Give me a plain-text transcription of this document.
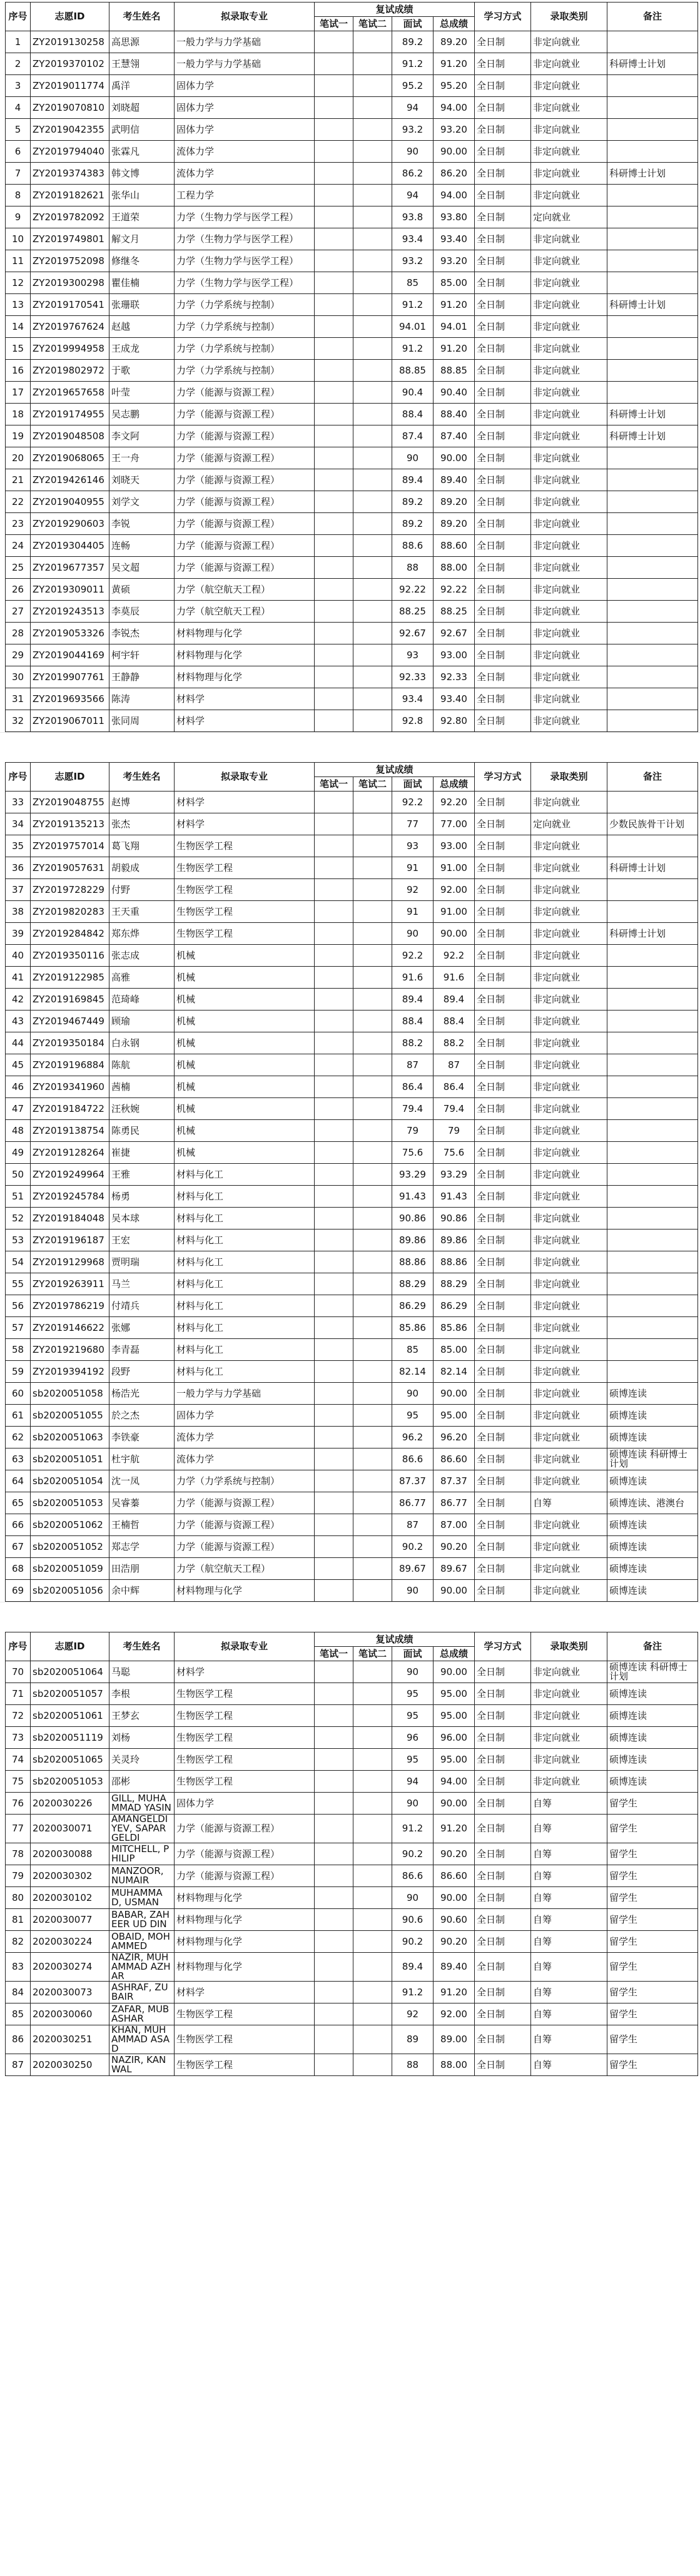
序号	志愿ID	考生姓名	拟录取专业	复试成绩				学习方式	录取类别	备注
				笔试一	笔试二	面试	总成绩			
1	ZY2019130258	高思源	一般力学与力学基础			89.2	89.20	全日制	非定向就业	
2	ZY2019370102	王慧翎	一般力学与力学基础			91.2	91.20	全日制	非定向就业	科研博士计划
3	ZY2019011774	禹洋	固体力学			95.2	95.20	全日制	非定向就业	
4	ZY2019070810	刘晓超	固体力学			94	94.00	全日制	非定向就业	
5	ZY2019042355	武明信	固体力学			93.2	93.20	全日制	非定向就业	
6	ZY2019794040	张霖凡	流体力学			90	90.00	全日制	非定向就业	
7	ZY2019374383	韩文博	流体力学			86.2	86.20	全日制	非定向就业	科研博士计划
8	ZY2019182621	张华山	工程力学			94	94.00	全日制	非定向就业	
9	ZY2019782092	王道荣	力学（生物力学与医学工程）			93.8	93.80	全日制	定向就业	
10	ZY2019749801	解文月	力学（生物力学与医学工程）			93.4	93.40	全日制	非定向就业	
11	ZY2019752098	修继冬	力学（生物力学与医学工程）			93.2	93.20	全日制	非定向就业	
12	ZY2019300298	瞿佳楠	力学（生物力学与医学工程）			85	85.00	全日制	非定向就业	
13	ZY2019170541	张珊联	力学（力学系统与控制）			91.2	91.20	全日制	非定向就业	科研博士计划
14	ZY2019767624	赵越	力学（力学系统与控制）			94.01	94.01	全日制	非定向就业	
15	ZY2019994958	王成龙	力学（力学系统与控制）			91.2	91.20	全日制	非定向就业	
16	ZY2019802972	于歌	力学（力学系统与控制）			88.85	88.85	全日制	非定向就业	
17	ZY2019657658	叶莹	力学（能源与资源工程）			90.4	90.40	全日制	非定向就业	
18	ZY2019174955	吴志鹏	力学（能源与资源工程）			88.4	88.40	全日制	非定向就业	科研博士计划
19	ZY2019048508	李文阿	力学（能源与资源工程）			87.4	87.40	全日制	非定向就业	科研博士计划
20	ZY2019068065	王一舟	力学（能源与资源工程）			90	90.00	全日制	非定向就业	
21	ZY2019426146	刘晓天	力学（能源与资源工程）			89.4	89.40	全日制	非定向就业	
22	ZY2019040955	刘学文	力学（能源与资源工程）			89.2	89.20	全日制	非定向就业	
23	ZY2019290603	李锐	力学（能源与资源工程）			89.2	89.20	全日制	非定向就业	
24	ZY2019304405	连畅	力学（能源与资源工程）			88.6	88.60	全日制	非定向就业	
25	ZY2019677357	吴文超	力学（能源与资源工程）			88	88.00	全日制	非定向就业	
26	ZY2019309011	黄硕	力学（航空航天工程）			92.22	92.22	全日制	非定向就业	
27	ZY2019243513	李莫辰	力学（航空航天工程）			88.25	88.25	全日制	非定向就业	
28	ZY2019053326	李锐杰	材料物理与化学			92.67	92.67	全日制	非定向就业	
29	ZY2019044169	柯宇轩	材料物理与化学			93	93.00	全日制	非定向就业	
30	ZY2019907761	王静静	材料物理与化学			92.33	92.33	全日制	非定向就业	
31	ZY2019693566	陈涛	材料学			93.4	93.40	全日制	非定向就业	
32	ZY2019067011	张同周	材料学			92.8	92.80	全日制	非定向就业	
序号	志愿ID	考生姓名	拟录取专业	复试成绩				学习方式	录取类别	备注
				笔试一	笔试二	面试	总成绩			
33	ZY2019048755	赵博	材料学			92.2	92.20	全日制	非定向就业	
34	ZY2019135213	张杰	材料学			77	77.00	全日制	定向就业	少数民族骨干计划
35	ZY2019757014	葛飞翔	生物医学工程			93	93.00	全日制	非定向就业	
36	ZY2019057631	胡毅成	生物医学工程			91	91.00	全日制	非定向就业	科研博士计划
37	ZY2019728229	付野	生物医学工程			92	92.00	全日制	非定向就业	
38	ZY2019820283	王天重	生物医学工程			91	91.00	全日制	非定向就业	
39	ZY2019284842	郑东烨	生物医学工程			90	90.00	全日制	非定向就业	科研博士计划
40	ZY2019350116	张志成	机械			92.2	92.2	全日制	非定向就业	
41	ZY2019122985	高雅	机械			91.6	91.6	全日制	非定向就业	
42	ZY2019169845	范琦峰	机械			89.4	89.4	全日制	非定向就业	
43	ZY2019467449	顾瑜	机械			88.4	88.4	全日制	非定向就业	
44	ZY2019350184	白永钢	机械			88.2	88.2	全日制	非定向就业	
45	ZY2019196884	陈航	机械			87	87	全日制	非定向就业	
46	ZY2019341960	茜楠	机械			86.4	86.4	全日制	非定向就业	
47	ZY2019184722	汪秋婉	机械			79.4	79.4	全日制	非定向就业	
48	ZY2019138754	陈勇民	机械			79	79	全日制	非定向就业	
49	ZY2019128264	崔捷	机械			75.6	75.6	全日制	非定向就业	
50	ZY2019249964	王雅	材料与化工			93.29	93.29	全日制	非定向就业	
51	ZY2019245784	杨勇	材料与化工			91.43	91.43	全日制	非定向就业	
52	ZY2019184048	吴本球	材料与化工			90.86	90.86	全日制	非定向就业	
53	ZY2019196187	王宏	材料与化工			89.86	89.86	全日制	非定向就业	
54	ZY2019129968	贾明瑞	材料与化工			88.86	88.86	全日制	非定向就业	
55	ZY2019263911	马兰	材料与化工			88.29	88.29	全日制	非定向就业	
56	ZY2019786219	付靖兵	材料与化工			86.29	86.29	全日制	非定向就业	
57	ZY2019146622	张娜	材料与化工			85.86	85.86	全日制	非定向就业	
58	ZY2019219680	李青磊	材料与化工			85	85.00	全日制	非定向就业	
59	ZY2019394192	段野	材料与化工			82.14	82.14	全日制	非定向就业	
60	sb2020051058	杨浩光	一般力学与力学基础			90	90.00	全日制	非定向就业	硕博连读
61	sb2020051055	於之杰	固体力学			95	95.00	全日制	非定向就业	硕博连读
62	sb2020051063	李铁豪	流体力学			96.2	96.20	全日制	非定向就业	硕博连读
63	sb2020051051	杜宇航	流体力学			86.6	86.60	全日制	非定向就业	硕博连读 科研博士计划
64	sb2020051054	沈一凤	力学（力学系统与控制）			87.37	87.37	全日制	非定向就业	硕博连读
65	sb2020051053	吴睿蓁	力学（能源与资源工程）			86.77	86.77	全日制	自筹	硕博连读、港澳台
66	sb2020051062	王楠哲	力学（能源与资源工程）			87	87.00	全日制	非定向就业	硕博连读
67	sb2020051052	郑志学	力学（能源与资源工程）			90.2	90.20	全日制	非定向就业	硕博连读
68	sb2020051059	田浩朋	力学（航空航天工程）			89.67	89.67	全日制	非定向就业	硕博连读
69	sb2020051056	余中辉	材料物理与化学			90	90.00	全日制	非定向就业	硕博连读
序号	志愿ID	考生姓名	拟录取专业	复试成绩				学习方式	录取类别	备注
				笔试一	笔试二	面试	总成绩			
70	sb2020051064	马聪	材料学			90	90.00	全日制	非定向就业	硕博连读 科研博士计划
71	sb2020051057	李根	生物医学工程			95	95.00	全日制	非定向就业	硕博连读
72	sb2020051061	王梦玄	生物医学工程			95	95.00	全日制	非定向就业	硕博连读
73	sb2020051119	刘杨	生物医学工程			96	96.00	全日制	非定向就业	硕博连读
74	sb2020051065	关灵玲	生物医学工程			95	95.00	全日制	非定向就业	硕博连读
75	sb2020051053	邵彬	生物医学工程			94	94.00	全日制	非定向就业	硕博连读
76	2020030226	GILL, MUHAMMAD YASIN	固体力学			90	90.00	全日制	自筹	留学生
77	2020030071	AMANGELDIYEV, SAPARGELDI	力学（能源与资源工程）			91.2	91.20	全日制	自筹	留学生
78	2020030088	MITCHELL, PHILIP	力学（能源与资源工程）			90.2	90.20	全日制	自筹	留学生
79	2020030302	MANZOOR, NUMAIR	力学（能源与资源工程）			86.6	86.60	全日制	自筹	留学生
80	2020030102	MUHAMMAD, USMAN	材料物理与化学			90	90.00	全日制	自筹	留学生
81	2020030077	BABAR, ZAHEER UD DIN	材料物理与化学			90.6	90.60	全日制	自筹	留学生
82	2020030224	OBAID, MOHAMMED	材料物理与化学			90.2	90.20	全日制	自筹	留学生
83	2020030274	NAZIR, MUHAMMAD AZHAR	材料物理与化学			89.4	89.40	全日制	自筹	留学生
84	2020030073	ASHRAF, ZUBAIR	材料学			91.2	91.20	全日制	自筹	留学生
85	2020030060	ZAFAR, MUBASHAR	生物医学工程			92	92.00	全日制	自筹	留学生
86	2020030251	KHAN, MUHAMMAD ASAD	生物医学工程			89	89.00	全日制	自筹	留学生
87	2020030250	NAZIR, KANWAL	生物医学工程			88	88.00	全日制	自筹	留学生
